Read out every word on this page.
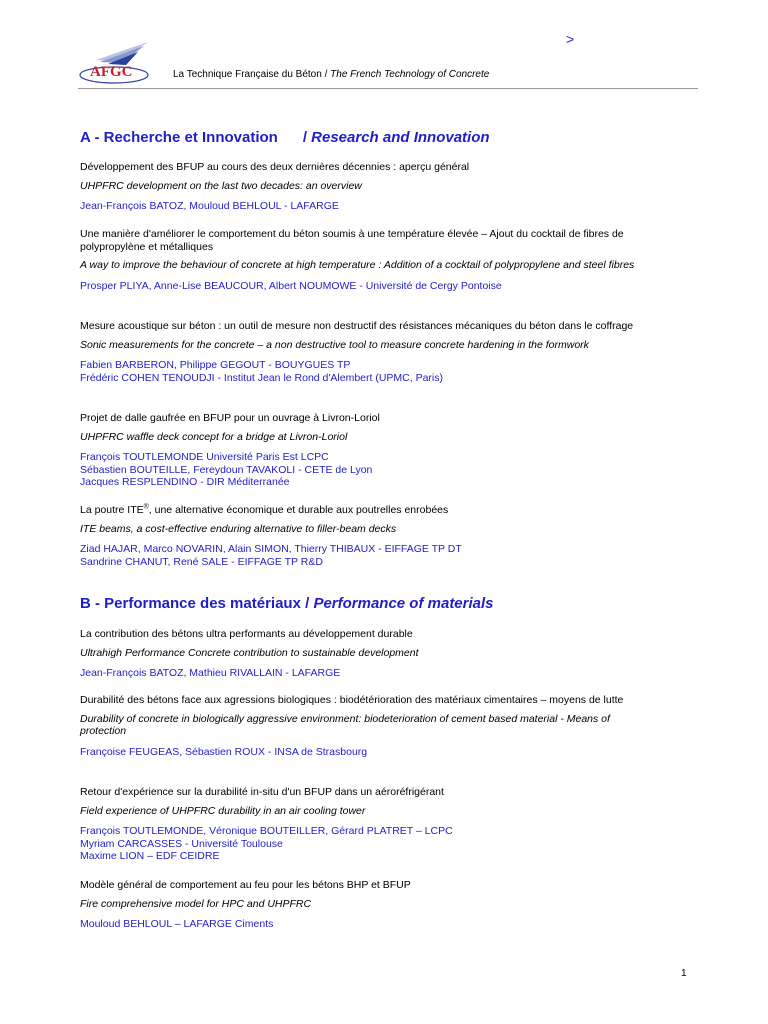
>
AFGC	La Technique Française du Béton / The French Technology of Concrete
A - Recherche et Innovation / Research and Innovation

Développement des BFUP au cours des deux dernières décennies : aperçu général

UHPFRC development on the last two decades: an overview

Jean-François BATOZ, Mouloud BEHLOUL - LAFARGE

Une manière d'améliorer le comportement du béton soumis à une température élevée – Ajout du cocktail de fibres de polypropylène et métalliques

A way to improve the behaviour of concrete at high temperature : Addition of a cocktail of polypropylene and steel fibres

Prosper PLIYA, Anne-Lise BEAUCOUR, Albert NOUMOWE - Université de Cergy Pontoise

Mesure acoustique sur béton : un outil de mesure non destructif des résistances mécaniques du béton dans le coffrage

Sonic measurements for the concrete – a non destructive tool to measure concrete hardening in the formwork

Fabien BARBERON, Philippe GEGOUT - BOUYGUES TP
Frédéric COHEN TENOUDJI - Institut Jean le Rond d'Alembert (UPMC, Paris)

Projet de dalle gaufrée en BFUP pour un ouvrage à Livron-Loriol

UHPFRC waffle deck concept for a bridge at Livron-Loriol

François TOUTLEMONDE Université Paris Est LCPC
Sébastien BOUTEILLE, Fereydoun TAVAKOLI - CETE de Lyon
Jacques RESPLENDINO - DIR Méditerranée

La poutre ITE®, une alternative économique et durable aux poutrelles enrobées

ITE beams, a cost-effective enduring alternative to filler-beam decks

Ziad HAJAR, Marco NOVARIN, Alain SIMON, Thierry THIBAUX - EIFFAGE TP DT
Sandrine CHANUT, René SALE - EIFFAGE TP R&D
B - Performance des matériaux / Performance of materials

La contribution des bétons ultra performants au développement durable

Ultrahigh Performance Concrete contribution to sustainable development

Jean-François BATOZ, Mathieu RIVALLAIN - LAFARGE

Durabilité des bétons face aux agressions biologiques : biodétérioration des matériaux cimentaires – moyens de lutte

Durability of concrete in biologically aggressive environment: biodeterioration of cement based material - Means of protection

Françoise FEUGEAS, Sébastien ROUX - INSA de Strasbourg

Retour d'expérience sur la durabilité in-situ d'un BFUP dans un aéroréfrigérant

Field experience of UHPFRC durability in an air cooling tower

François TOUTLEMONDE, Véronique BOUTEILLER, Gérard PLATRET – LCPC
Myriam CARCASSES - Université Toulouse
Maxime LION – EDF CEIDRE

Modèle général de comportement au feu pour les bétons BHP et BFUP

Fire comprehensive model for HPC and UHPFRC

Mouloud BEHLOUL – LAFARGE Ciments
1
